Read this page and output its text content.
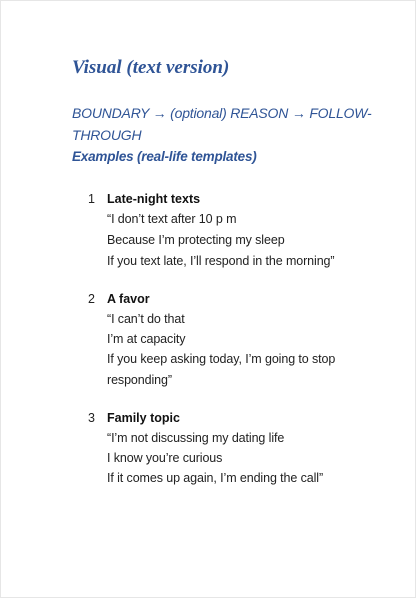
Visual (text version)
BOUNDARY → (optional) REASON → FOLLOW-
THROUGH
Examples (real-life templates)
1 Late-night texts
“I don’t text after 10 p m
Because I’m protecting my sleep
If you text late, I’ll respond in the morning”
2 A favor
“I can’t do that
I’m at capacity
If you keep asking today, I’m going to stop
responding”
3 Family topic
“I’m not discussing my dating life
I know you’re curious
If it comes up again, I’m ending the call”
